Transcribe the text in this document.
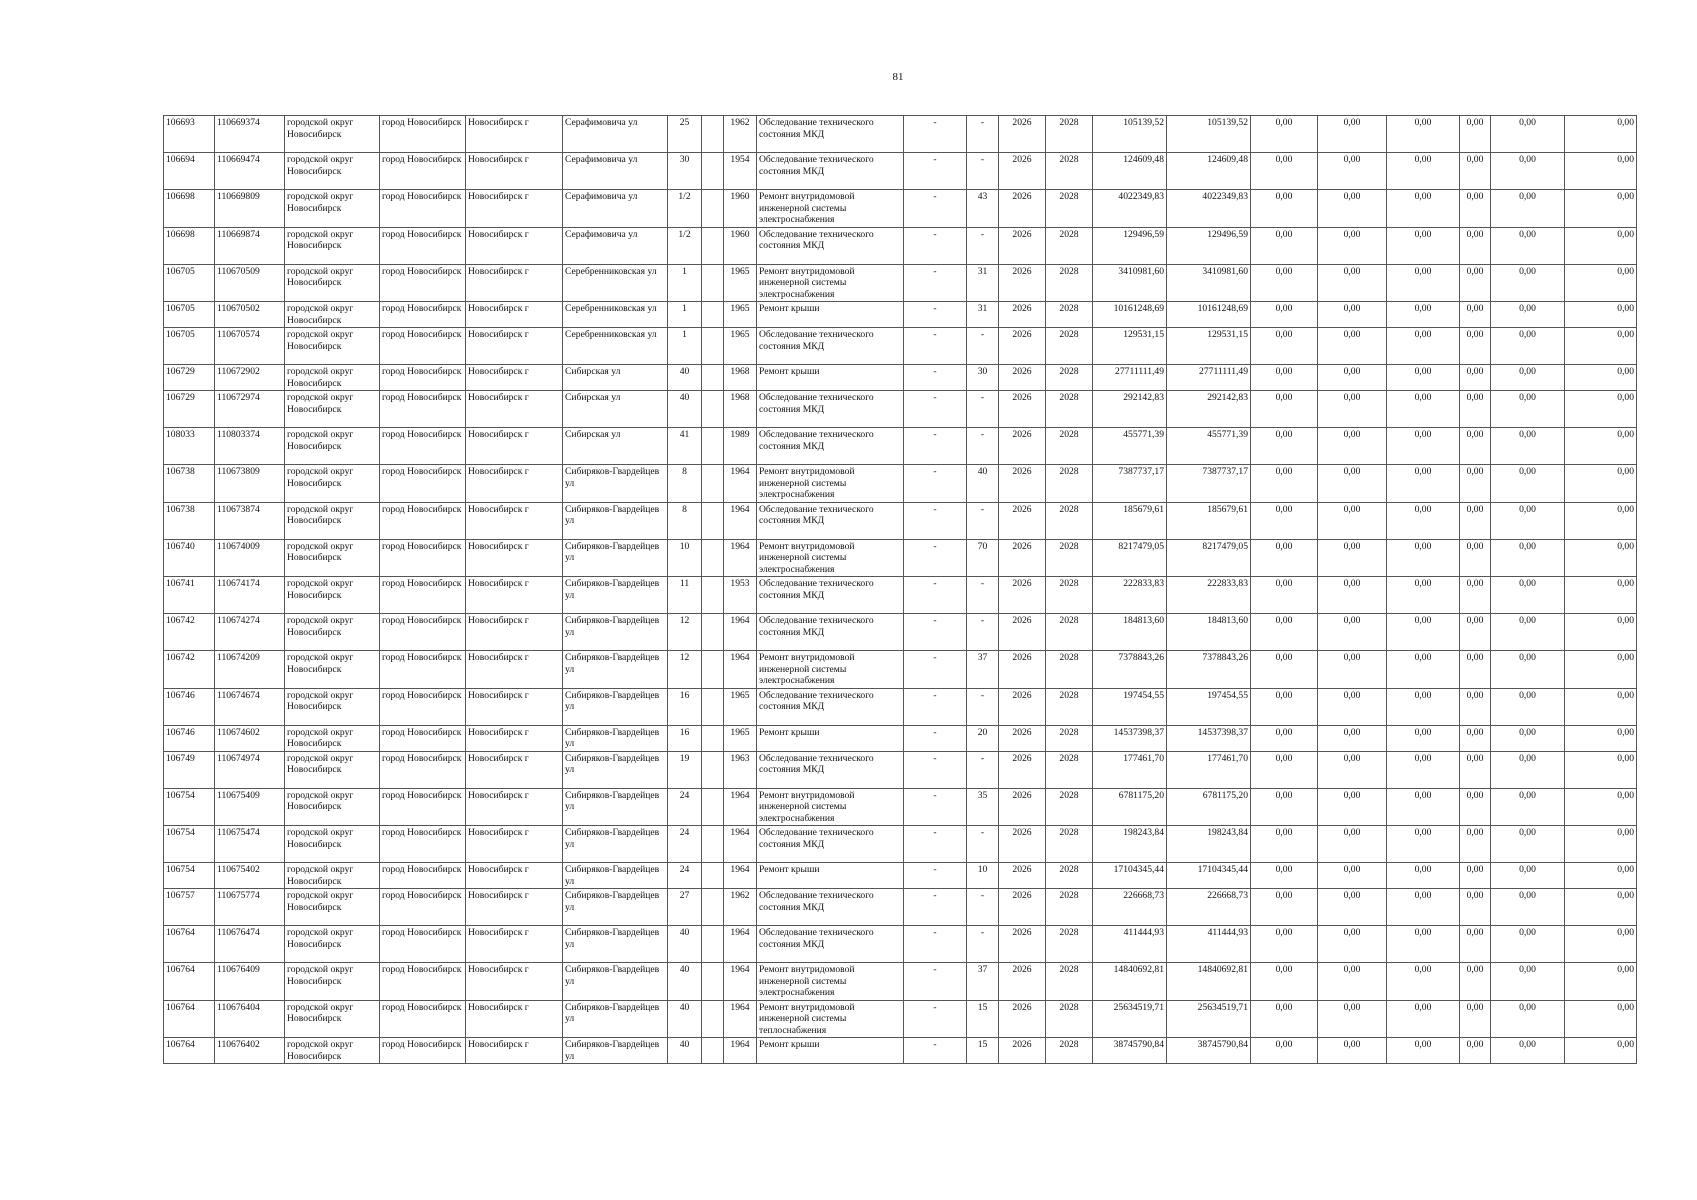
81
106693	110669374	городской округ Новосибирск	город Новосибирск	Новосибирск г	Серафимовича ул	25		1962	Обследование технического состояния МКД	-	-	2026	2028	105139,52	105139,52	0,00	0,00	0,00	0,00	0,00	0,00
106694	110669474	городской округ Новосибирск	город Новосибирск	Новосибирск г	Серафимовича ул	30		1954	Обследование технического состояния МКД	-	-	2026	2028	124609,48	124609,48	0,00	0,00	0,00	0,00	0,00	0,00
106698	110669809	городской округ Новосибирск	город Новосибирск	Новосибирск г	Серафимовича ул	1/2		1960	Ремонт внутридомовой инженерной системы электроснабжения	-	43	2026	2028	4022349,83	4022349,83	0,00	0,00	0,00	0,00	0,00	0,00
106698	110669874	городской округ Новосибирск	город Новосибирск	Новосибирск г	Серафимовича ул	1/2		1960	Обследование технического состояния МКД	-	-	2026	2028	129496,59	129496,59	0,00	0,00	0,00	0,00	0,00	0,00
106705	110670509	городской округ Новосибирск	город Новосибирск	Новосибирск г	Серебренниковская ул	1		1965	Ремонт внутридомовой инженерной системы электроснабжения	-	31	2026	2028	3410981,60	3410981,60	0,00	0,00	0,00	0,00	0,00	0,00
106705	110670502	городской округ Новосибирск	город Новосибирск	Новосибирск г	Серебренниковская ул	1		1965	Ремонт крыши	-	31	2026	2028	10161248,69	10161248,69	0,00	0,00	0,00	0,00	0,00	0,00
106705	110670574	городской округ Новосибирск	город Новосибирск	Новосибирск г	Серебренниковская ул	1		1965	Обследование технического состояния МКД	-	-	2026	2028	129531,15	129531,15	0,00	0,00	0,00	0,00	0,00	0,00
106729	110672902	городской округ Новосибирск	город Новосибирск	Новосибирск г	Сибирская ул	40		1968	Ремонт крыши	-	30	2026	2028	27711111,49	27711111,49	0,00	0,00	0,00	0,00	0,00	0,00
106729	110672974	городской округ Новосибирск	город Новосибирск	Новосибирск г	Сибирская ул	40		1968	Обследование технического состояния МКД	-	-	2026	2028	292142,83	292142,83	0,00	0,00	0,00	0,00	0,00	0,00
108033	110803374	городской округ Новосибирск	город Новосибирск	Новосибирск г	Сибирская ул	41		1989	Обследование технического состояния МКД	-	-	2026	2028	455771,39	455771,39	0,00	0,00	0,00	0,00	0,00	0,00
106738	110673809	городской округ Новосибирск	город Новосибирск	Новосибирск г	Сибиряков-Гвардейцев ул	8		1964	Ремонт внутридомовой инженерной системы электроснабжения	-	40	2026	2028	7387737,17	7387737,17	0,00	0,00	0,00	0,00	0,00	0,00
106738	110673874	городской округ Новосибирск	город Новосибирск	Новосибирск г	Сибиряков-Гвардейцев ул	8		1964	Обследование технического состояния МКД	-	-	2026	2028	185679,61	185679,61	0,00	0,00	0,00	0,00	0,00	0,00
106740	110674009	городской округ Новосибирск	город Новосибирск	Новосибирск г	Сибиряков-Гвардейцев ул	10		1964	Ремонт внутридомовой инженерной системы электроснабжения	-	70	2026	2028	8217479,05	8217479,05	0,00	0,00	0,00	0,00	0,00	0,00
106741	110674174	городской округ Новосибирск	город Новосибирск	Новосибирск г	Сибиряков-Гвардейцев ул	11		1953	Обследование технического состояния МКД	-	-	2026	2028	222833,83	222833,83	0,00	0,00	0,00	0,00	0,00	0,00
106742	110674274	городской округ Новосибирск	город Новосибирск	Новосибирск г	Сибиряков-Гвардейцев ул	12		1964	Обследование технического состояния МКД	-	-	2026	2028	184813,60	184813,60	0,00	0,00	0,00	0,00	0,00	0,00
106742	110674209	городской округ Новосибирск	город Новосибирск	Новосибирск г	Сибиряков-Гвардейцев ул	12		1964	Ремонт внутридомовой инженерной системы электроснабжения	-	37	2026	2028	7378843,26	7378843,26	0,00	0,00	0,00	0,00	0,00	0,00
106746	110674674	городской округ Новосибирск	город Новосибирск	Новосибирск г	Сибиряков-Гвардейцев ул	16		1965	Обследование технического состояния МКД	-	-	2026	2028	197454,55	197454,55	0,00	0,00	0,00	0,00	0,00	0,00
106746	110674602	городской округ Новосибирск	город Новосибирск	Новосибирск г	Сибиряков-Гвардейцев ул	16		1965	Ремонт крыши	-	20	2026	2028	14537398,37	14537398,37	0,00	0,00	0,00	0,00	0,00	0,00
106749	110674974	городской округ Новосибирск	город Новосибирск	Новосибирск г	Сибиряков-Гвардейцев ул	19		1963	Обследование технического состояния МКД	-	-	2026	2028	177461,70	177461,70	0,00	0,00	0,00	0,00	0,00	0,00
106754	110675409	городской округ Новосибирск	город Новосибирск	Новосибирск г	Сибиряков-Гвардейцев ул	24		1964	Ремонт внутридомовой инженерной системы электроснабжения	-	35	2026	2028	6781175,20	6781175,20	0,00	0,00	0,00	0,00	0,00	0,00
106754	110675474	городской округ Новосибирск	город Новосибирск	Новосибирск г	Сибиряков-Гвардейцев ул	24		1964	Обследование технического состояния МКД	-	-	2026	2028	198243,84	198243,84	0,00	0,00	0,00	0,00	0,00	0,00
106754	110675402	городской округ Новосибирск	город Новосибирск	Новосибирск г	Сибиряков-Гвардейцев ул	24		1964	Ремонт крыши	-	10	2026	2028	17104345,44	17104345,44	0,00	0,00	0,00	0,00	0,00	0,00
106757	110675774	городской округ Новосибирск	город Новосибирск	Новосибирск г	Сибиряков-Гвардейцев ул	27		1962	Обследование технического состояния МКД	-	-	2026	2028	226668,73	226668,73	0,00	0,00	0,00	0,00	0,00	0,00
106764	110676474	городской округ Новосибирск	город Новосибирск	Новосибирск г	Сибиряков-Гвардейцев ул	40		1964	Обследование технического состояния МКД	-	-	2026	2028	411444,93	411444,93	0,00	0,00	0,00	0,00	0,00	0,00
106764	110676409	городской округ Новосибирск	город Новосибирск	Новосибирск г	Сибиряков-Гвардейцев ул	40		1964	Ремонт внутридомовой инженерной системы электроснабжения	-	37	2026	2028	14840692,81	14840692,81	0,00	0,00	0,00	0,00	0,00	0,00
106764	110676404	городской округ Новосибирск	город Новосибирск	Новосибирск г	Сибиряков-Гвардейцев ул	40		1964	Ремонт внутридомовой инженерной системы теплоснабжения	-	15	2026	2028	25634519,71	25634519,71	0,00	0,00	0,00	0,00	0,00	0,00
106764	110676402	городской округ Новосибирск	город Новосибирск	Новосибирск г	Сибиряков-Гвардейцев ул	40		1964	Ремонт крыши	-	15	2026	2028	38745790,84	38745790,84	0,00	0,00	0,00	0,00	0,00	0,00
